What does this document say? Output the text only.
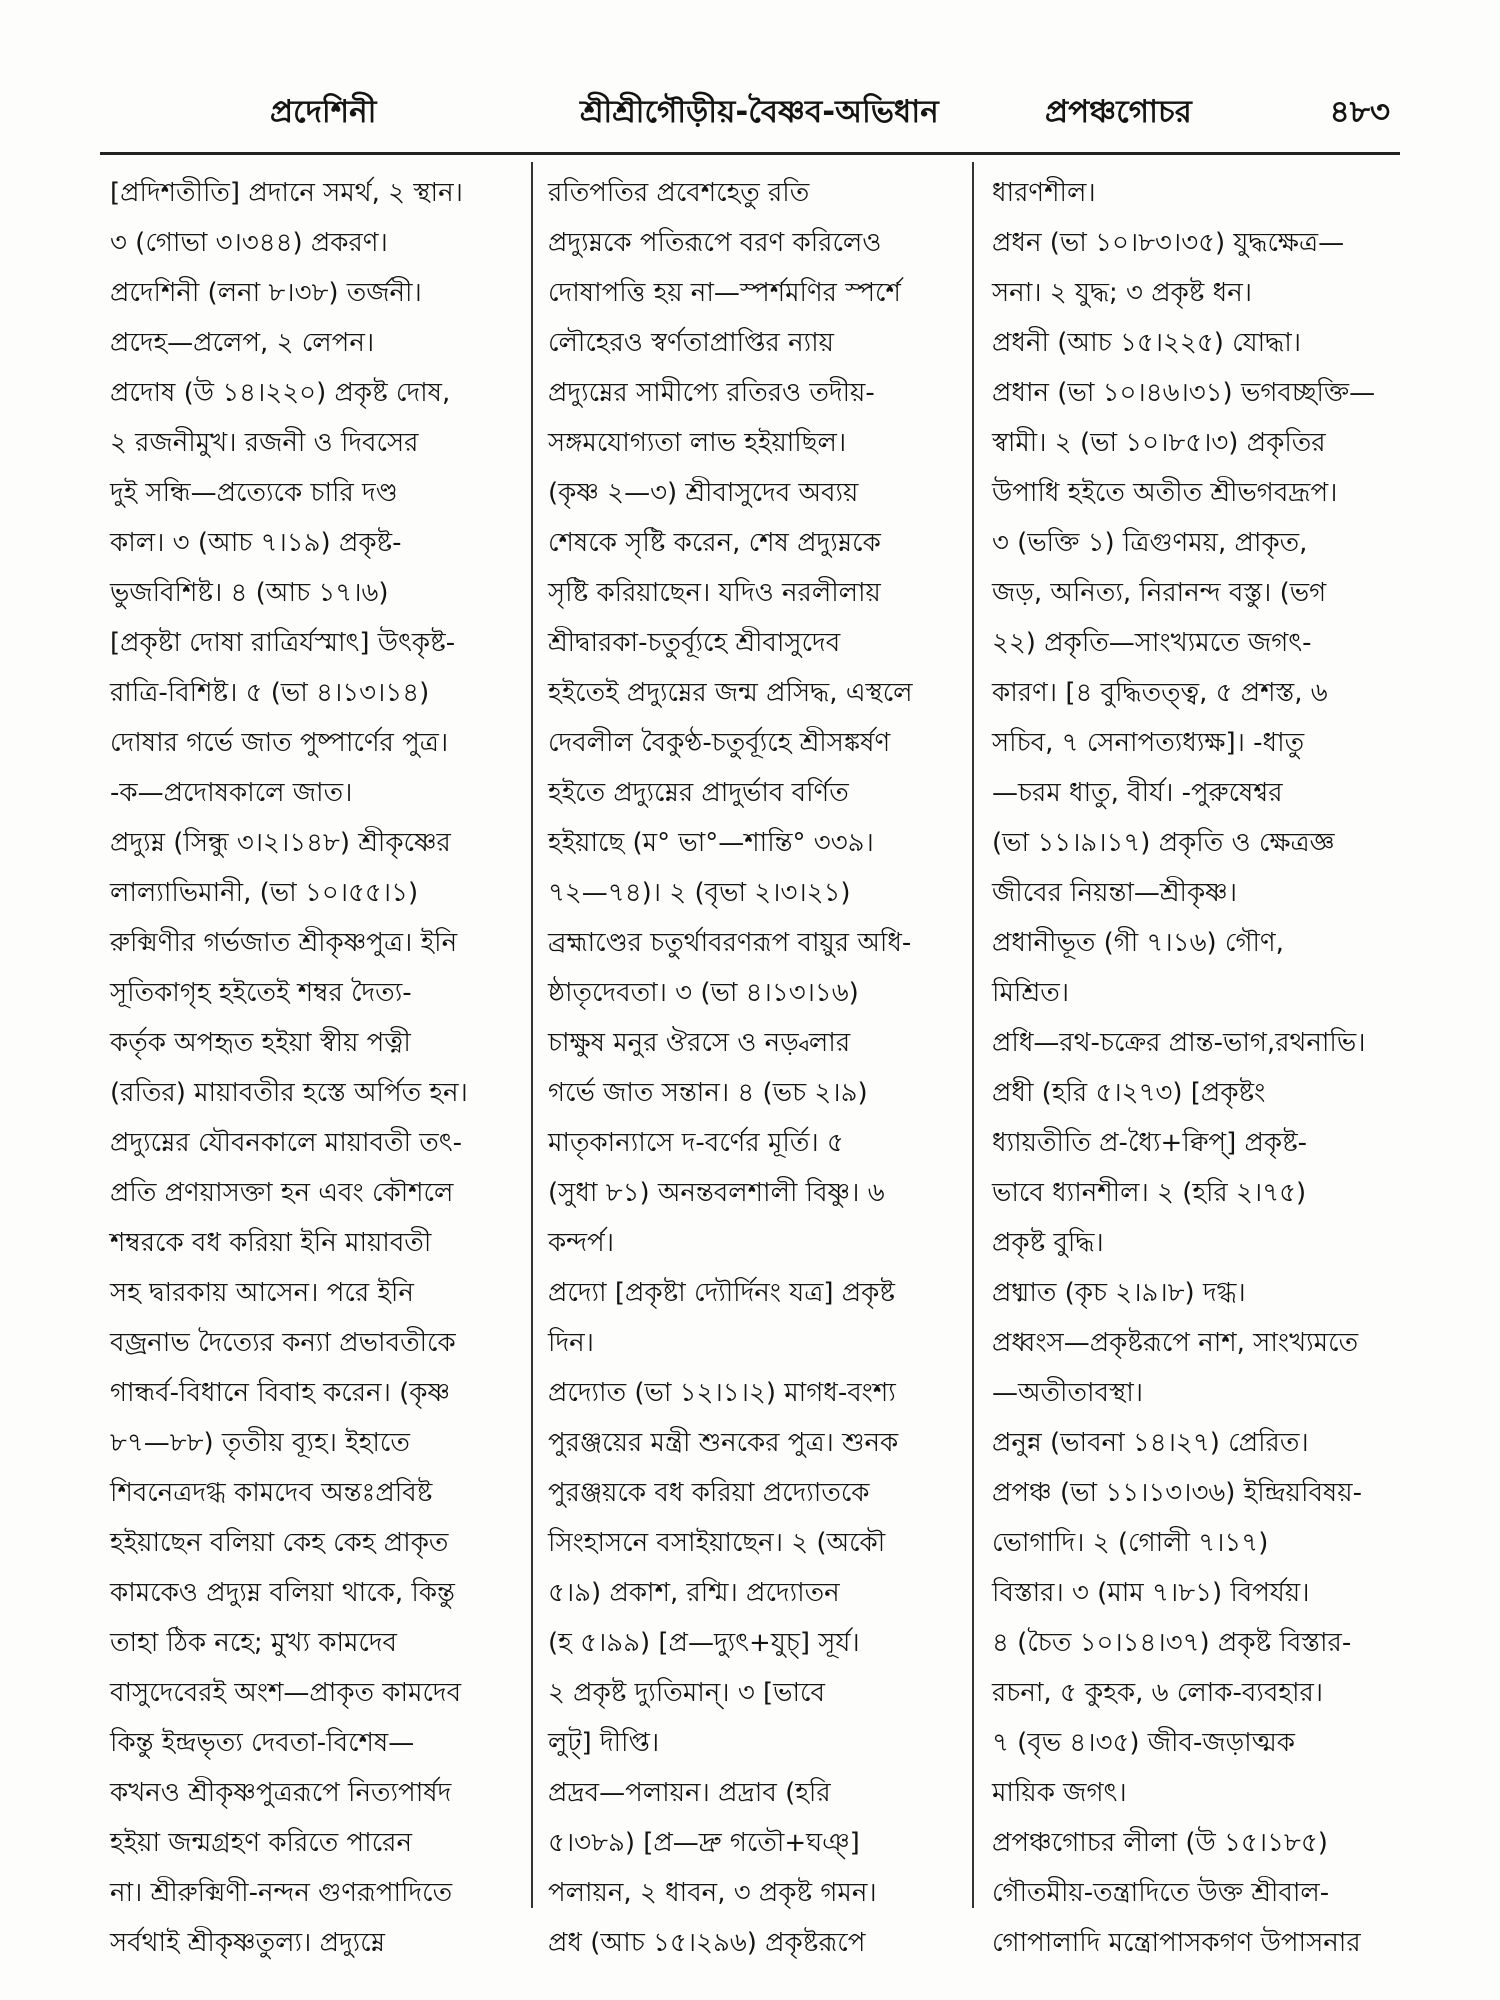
প্রদেশিনী	শ্রীশ্রীগৌড়ীয়-বৈষ্ণব-অভিধান	প্রপঞ্চগোচর	৪৮৩
[প্রদিশতীতি] প্রদানে সমর্থ, ২ স্থান।
৩ (গোভা ৩।৩৪৪) প্রকরণ।
প্রদেশিনী (লনা ৮।৩৮) তর্জনী।
প্রদেহ—প্রলেপ, ২ লেপন।
প্রদোষ (উ ১৪।২২০) প্রকৃষ্ট দোষ,
২ রজনীমুখ। রজনী ও দিবসের
দুই সন্ধি—প্রত্যেকে চারি দণ্ড
কাল। ৩ (আচ ৭।১৯) প্রকৃষ্ট-
ভুজবিশিষ্ট। ৪ (আচ ১৭।৬)
[প্রকৃষ্টা দোষা রাত্রির্যস্মাৎ] উৎকৃষ্ট-
রাত্রি-বিশিষ্ট। ৫ (ভা ৪।১৩।১৪)
দোষার গর্ভে জাত পুষ্পার্ণের পুত্র।
-ক—প্রদোষকালে জাত।
প্রদ্যুম্ন (সিন্ধু ৩।২।১৪৮) শ্রীকৃষ্ণের
লাল্যাভিমানী, (ভা ১০।৫৫।১)
রুক্মিণীর গর্ভজাত শ্রীকৃষ্ণপুত্র। ইনি
সূতিকাগৃহ হইতেই শম্বর দৈত্য-
কর্তৃক অপহৃত হইয়া স্বীয় পত্নী
(রতির) মায়াবতীর হস্তে অর্পিত হন।
প্রদ্যুম্নের যৌবনকালে মায়াবতী তৎ-
প্রতি প্রণয়াসক্তা হন এবং কৌশলে
শম্বরকে বধ করিয়া ইনি মায়াবতী
সহ দ্বারকায় আসেন। পরে ইনি
বজ্রনাভ দৈত্যের কন্যা প্রভাবতীকে
গান্ধর্ব-বিধানে বিবাহ করেন। (কৃষ্ণ
৮৭—৮৮) তৃতীয় ব্যূহ। ইহাতে
শিবনেত্রদগ্ধ কামদেব অন্তঃপ্রবিষ্ট
হইয়াছেন বলিয়া কেহ কেহ প্রাকৃত
কামকেও প্রদ্যুম্ন বলিয়া থাকে, কিন্তু
তাহা ঠিক নহে; মুখ্য কামদেব
বাসুদেবেরই অংশ—প্রাকৃত কামদেব
কিন্তু ইন্দ্রভৃত্য দেবতা-বিশেষ—
কখনও শ্রীকৃষ্ণপুত্ররূপে নিত্যপার্ষদ
হইয়া জন্মগ্রহণ করিতে পারেন
না। শ্রীরুক্মিণী-নন্দন গুণরূপাদিতে
সর্বথাই শ্রীকৃষ্ণতুল্য। প্রদ্যুম্নে
রতিপতির প্রবেশহেতু রতি
প্রদ্যুম্নকে পতিরূপে বরণ করিলেও
দোষাপত্তি হয় না—স্পর্শমণির স্পর্শে
লৌহেরও স্বর্ণতাপ্রাপ্তির ন্যায়
প্রদ্যুম্নের সামীপ্যে রতিরও তদীয়-
সঙ্গমযোগ্যতা লাভ হইয়াছিল।
(কৃষ্ণ ২—৩) শ্রীবাসুদেব অব্যয়
শেষকে সৃষ্টি করেন, শেষ প্রদ্যুম্নকে
সৃষ্টি করিয়াছেন। যদিও নরলীলায়
শ্রীদ্বারকা-চতুর্ব্যূহে শ্রীবাসুদেব
হইতেই প্রদ্যুম্নের জন্ম প্রসিদ্ধ, এস্থলে
দেবলীল বৈকুণ্ঠ-চতুর্ব্যূহে শ্রীসঙ্কর্ষণ
হইতে প্রদ্যুম্নের প্রাদুর্ভাব বর্ণিত
হইয়াছে (ম° ভা°—শান্তি° ৩৩৯।
৭২—৭৪)। ২ (বৃভা ২।৩।২১)
ব্রহ্মাণ্ডের চতুর্থাবরণরূপ বায়ুর অধি-
ষ্ঠাতৃদেবতা। ৩ (ভা ৪।১৩।১৬)
চাক্ষুষ মনুর ঔরসে ও নড়্বলার
গর্ভে জাত সন্তান। ৪ (ভচ ২।৯)
মাতৃকান্যাসে দ-বর্ণের মূর্তি। ৫
(সুধা ৮১) অনন্তবলশালী বিষ্ণু। ৬
কন্দর্প।
প্রদ্যো [প্রকৃষ্টা দ্যৌর্দিনং যত্র] প্রকৃষ্ট
দিন।
প্রদ্যোত (ভা ১২।১।২) মাগধ-বংশ্য
পুরঞ্জয়ের মন্ত্রী শুনকের পুত্র। শুনক
পুরঞ্জয়কে বধ করিয়া প্রদ্যোতকে
সিংহাসনে বসাইয়াছেন। ২ (অকৌ
৫।৯) প্রকাশ, রশ্মি। প্রদ্যোতন
(হ ৫।৯৯) [প্র—দ্যুৎ+যুচ্] সূর্য।
২ প্রকৃষ্ট দ্যুতিমান্। ৩ [ভাবে
লুট্] দীপ্তি।
প্রদ্রব—পলায়ন। প্রদ্রাব (হরি
৫।৩৮৯) [প্র—দ্রু গতৌ+ঘঞ্]
পলায়ন, ২ ধাবন, ৩ প্রকৃষ্ট গমন।
প্রধ (আচ ১৫।২৯৬) প্রকৃষ্টরূপে
ধারণশীল।
প্রধন (ভা ১০।৮৩।৩৫) যুদ্ধক্ষেত্র—
সনা। ২ যুদ্ধ; ৩ প্রকৃষ্ট ধন।
প্রধনী (আচ ১৫।২২৫) যোদ্ধা।
প্রধান (ভা ১০।৪৬।৩১) ভগবচ্ছক্তি—
স্বামী। ২ (ভা ১০।৮৫।৩) প্রকৃতির
উপাধি হইতে অতীত শ্রীভগবদ্রূপ।
৩ (ভক্তি ১) ত্রিগুণময়, প্রাকৃত,
জড়, অনিত্য, নিরানন্দ বস্তু। (ভগ
২২) প্রকৃতি—সাংখ্যমতে জগৎ-
কারণ। [৪ বুদ্ধিতত্ত্ব, ৫ প্রশস্ত, ৬
সচিব, ৭ সেনাপত্যধ্যক্ষ]। -ধাতু
—চরম ধাতু, বীর্য। -পুরুষেশ্বর
(ভা ১১।৯।১৭) প্রকৃতি ও ক্ষেত্রজ্ঞ
জীবের নিয়ন্তা—শ্রীকৃষ্ণ।
প্রধানীভূত (গী ৭।১৬) গৌণ,
মিশ্রিত।
প্রধি—রথ-চক্রের প্রান্ত-ভাগ,রথনাভি।
প্রধী (হরি ৫।২৭৩) [প্রকৃষ্টং
ধ্যায়তীতি প্র-ধ্যৈ+ক্বিপ্] প্রকৃষ্ট-
ভাবে ধ্যানশীল। ২ (হরি ২।৭৫)
প্রকৃষ্ট বুদ্ধি।
প্রধ্মাত (কৃচ ২।৯।৮) দগ্ধ।
প্রধ্বংস—প্রকৃষ্টরূপে নাশ, সাংখ্যমতে
—অতীতাবস্থা।
প্রনুন্ন (ভাবনা ১৪।২৭) প্রেরিত।
প্রপঞ্চ (ভা ১১।১৩।৩৬) ইন্দ্রিয়বিষয়-
ভোগাদি। ২ (গোলী ৭।১৭)
বিস্তার। ৩ (মাম ৭।৮১) বিপর্যয়।
৪ (চৈত ১০।১৪।৩৭) প্রকৃষ্ট বিস্তার-
রচনা, ৫ কুহক, ৬ লোক-ব্যবহার।
৭ (বৃভ ৪।৩৫) জীব-জড়াত্মক
মায়িক জগৎ।
প্রপঞ্চগোচর লীলা (উ ১৫।১৮৫)
গৌতমীয়-তন্ত্রাদিতে উক্ত শ্রীবাল-
গোপালাদি মন্ত্রোপাসকগণ উপাসনার
